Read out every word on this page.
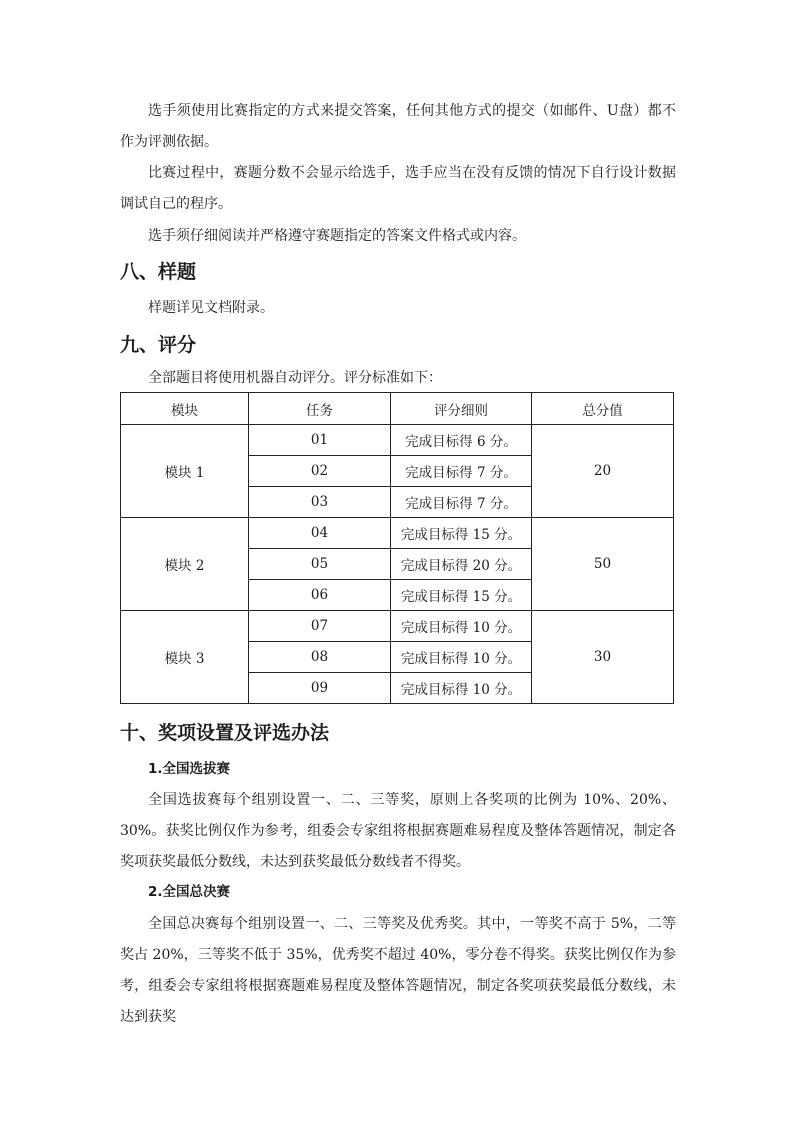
选手须使用比赛指定的方式来提交答案，任何其他方式的提交（如邮件、U盘）都不作为评测依据。

比赛过程中，赛题分数不会显示给选手，选手应当在没有反馈的情况下自行设计数据调试自己的程序。

选手须仔细阅读并严格遵守赛题指定的答案文件格式或内容。

八、样题

样题详见文档附录。

九、评分

全部题目将使用机器自动评分。评分标准如下：

模块	任务	评分细则	总分值
模块 1	01	完成目标得 6 分。	20
	02	完成目标得 7 分。	
	03	完成目标得 7 分。	
模块 2	04	完成目标得 15 分。	50
	05	完成目标得 20 分。	
	06	完成目标得 15 分。	
模块 3	07	完成目标得 10 分。	30
	08	完成目标得 10 分。	
	09	完成目标得 10 分。	
十、奖项设置及评选办法
1.全国选拔赛

全国选拔赛每个组别设置一、二、三等奖，原则上各奖项的比例为 10%、20%、30%。获奖比例仅作为参考，组委会专家组将根据赛题难易程度及整体答题情况，制定各奖项获奖最低分数线，未达到获奖最低分数线者不得奖。

2.全国总决赛

全国总决赛每个组别设置一、二、三等奖及优秀奖。其中，一等奖不高于 5%，二等奖占 20%，三等奖不低于 35%，优秀奖不超过 40%，零分卷不得奖。获奖比例仅作为参考，组委会专家组将根据赛题难易程度及整体答题情况，制定各奖项获奖最低分数线，未达到获奖
